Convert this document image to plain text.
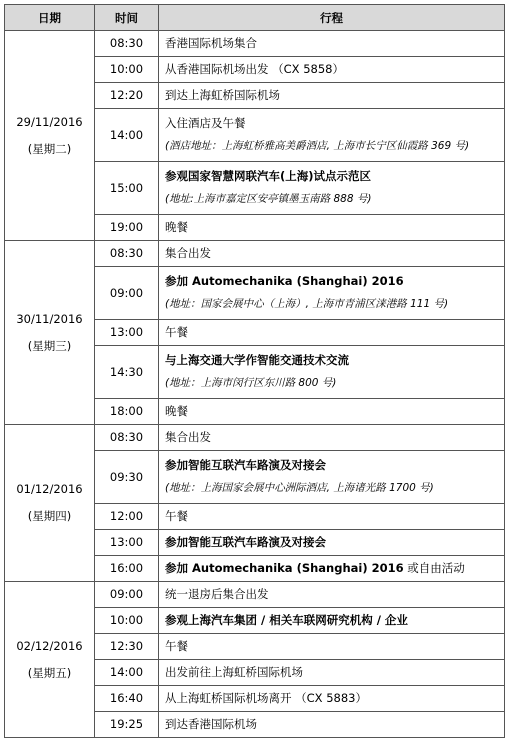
日期	时间	行程

29/11/2016
(星期二)	08:30	香港国际机场集合

	10:00	从香港国际机场出发 （CX 5858）

	12:20	到达上海虹桥国际机场

	14:00	入住酒店及午餐
(酒店地址：上海虹桥雅高美爵酒店, 上海市长宁区仙霞路 369 号)

	15:00	参观国家智慧网联汽车(上海)试点示范区
(地址:上海市嘉定区安亭镇墨玉南路 888 号)

	19:00	晚餐

30/11/2016
(星期三)	08:30	集合出发

	09:00	参加 Automechanika (Shanghai) 2016
(地址：国家会展中心（上海）, 上海市青浦区涞港路 111 号)

	13:00	午餐

	14:30	与上海交通大学作智能交通技术交流
(地址：上海市闵行区东川路 800 号)

	18:00	晚餐

01/12/2016
(星期四)	08:30	集合出发

	09:30	参加智能互联汽车路演及对接会
(地址：上海国家会展中心洲际酒店, 上海诸光路 1700 号)

	12:00	午餐

	13:00	参加智能互联汽车路演及对接会

	16:00	参加 Automechanika (Shanghai) 2016 或自由活动

02/12/2016
(星期五)	09:00	统一退房后集合出发

	10:00	参观上海汽车集团 / 相关车联网研究机构 / 企业

	12:30	午餐

	14:00	出发前往上海虹桥国际机场

	16:40	从上海虹桥国际机场离开 （CX 5883）

	19:25	到达香港国际机场
